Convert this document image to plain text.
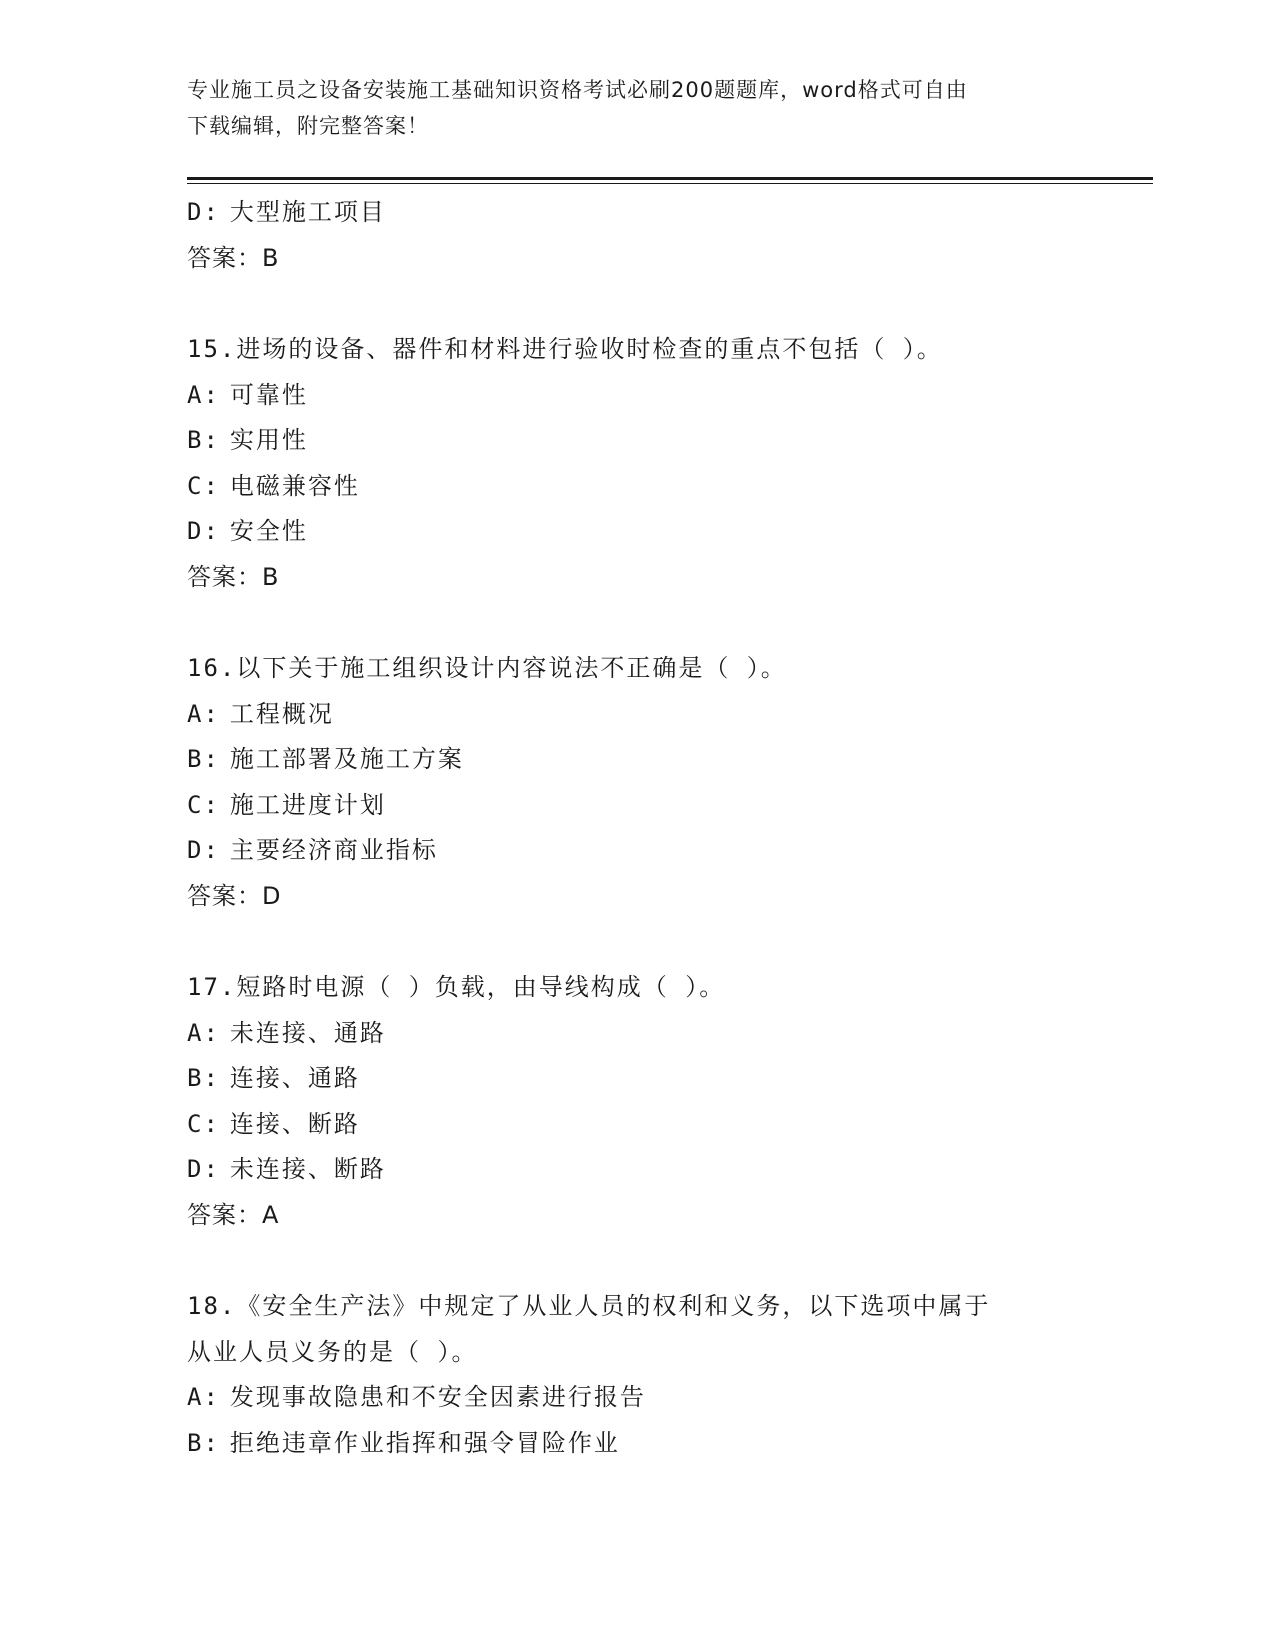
专业施工员之设备安装施工基础知识资格考试必刷200题题库，word格式可自由
下载编辑，附完整答案！
D: 大型施工项目
答案：B
15.进场的设备、器件和材料进行验收时检查的重点不包括（ ）。
A: 可靠性
B: 实用性
C: 电磁兼容性
D: 安全性
答案：B
16.以下关于施工组织设计内容说法不正确是（ ）。
A: 工程概况
B: 施工部署及施工方案
C: 施工进度计划
D: 主要经济商业指标
答案：D
17.短路时电源（ ）负载，由导线构成（ ）。
A: 未连接、通路
B: 连接、通路
C: 连接、断路
D: 未连接、断路
答案：A
18.《安全生产法》中规定了从业人员的权利和义务，以下选项中属于
从业人员义务的是（ ）。
A: 发现事故隐患和不安全因素进行报告
B: 拒绝违章作业指挥和强令冒险作业
